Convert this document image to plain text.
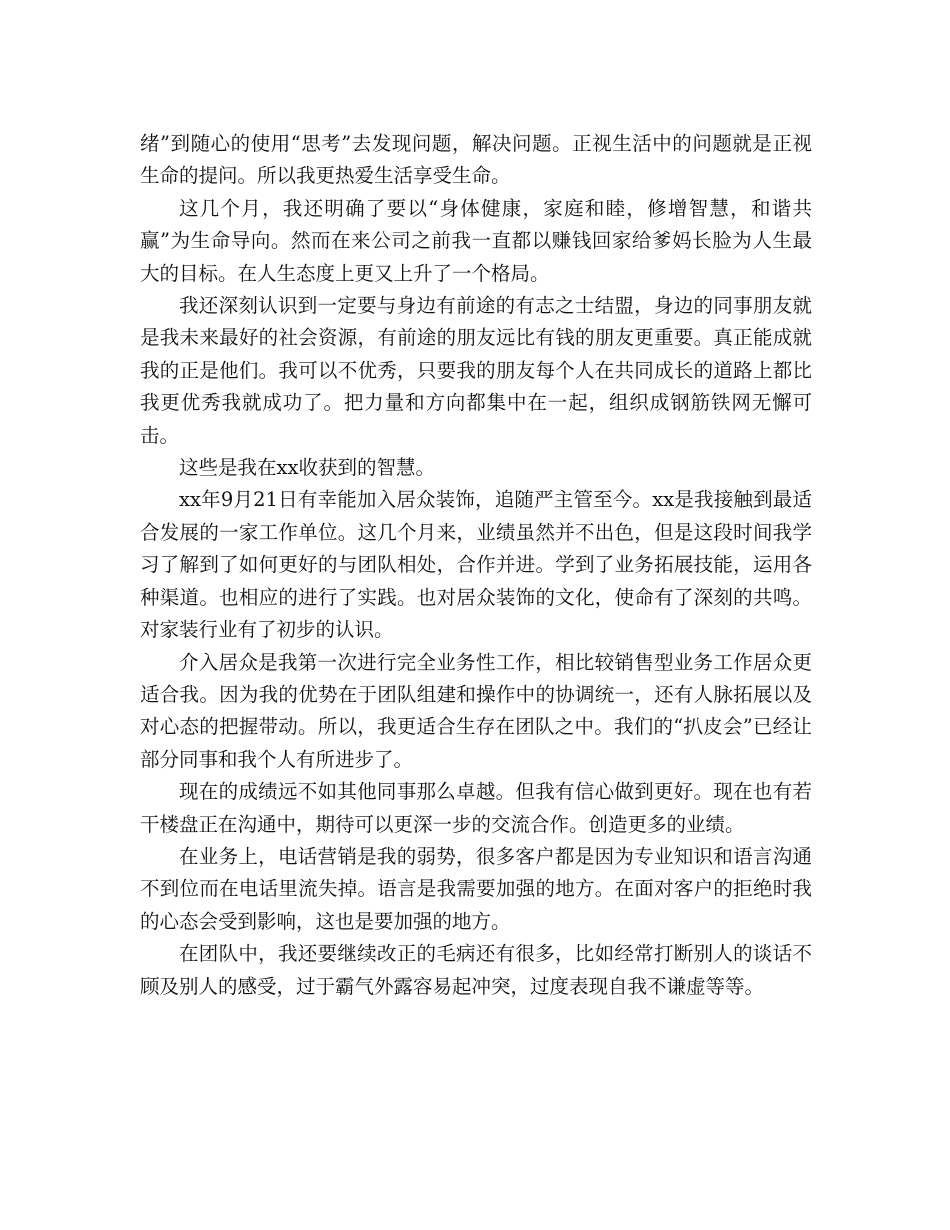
绪”到随心的使用“思考”去发现问题，解决问题。正视生活中的问题就是正视生命的提问。所以我更热爱生活享受生命。

这几个月，我还明确了要以“身体健康，家庭和睦，修增智慧，和谐共赢”为生命导向。然而在来公司之前我一直都以赚钱回家给爹妈长脸为人生最大的目标。在人生态度上更又上升了一个格局。

我还深刻认识到一定要与身边有前途的有志之士结盟，身边的同事朋友就是我未来最好的社会资源，有前途的朋友远比有钱的朋友更重要。真正能成就我的正是他们。我可以不优秀，只要我的朋友每个人在共同成长的道路上都比我更优秀我就成功了。把力量和方向都集中在一起，组织成钢筋铁网无懈可击。

这些是我在xx收获到的智慧。

xx年9月21日有幸能加入居众装饰，追随严主管至今。xx是我接触到最适合发展的一家工作单位。这几个月来，业绩虽然并不出色，但是这段时间我学习了解到了如何更好的与团队相处，合作并进。学到了业务拓展技能，运用各种渠道。也相应的进行了实践。也对居众装饰的文化，使命有了深刻的共鸣。对家装行业有了初步的认识。

介入居众是我第一次进行完全业务性工作，相比较销售型业务工作居众更适合我。因为我的优势在于团队组建和操作中的协调统一，还有人脉拓展以及对心态的把握带动。所以，我更适合生存在团队之中。我们的“扒皮会”已经让部分同事和我个人有所进步了。

现在的成绩远不如其他同事那么卓越。但我有信心做到更好。现在也有若干楼盘正在沟通中，期待可以更深一步的交流合作。创造更多的业绩。

在业务上，电话营销是我的弱势，很多客户都是因为专业知识和语言沟通不到位而在电话里流失掉。语言是我需要加强的地方。在面对客户的拒绝时我的心态会受到影响，这也是要加强的地方。

在团队中，我还要继续改正的毛病还有很多，比如经常打断别人的谈话不顾及别人的感受，过于霸气外露容易起冲突，过度表现自我不谦虚等等。
